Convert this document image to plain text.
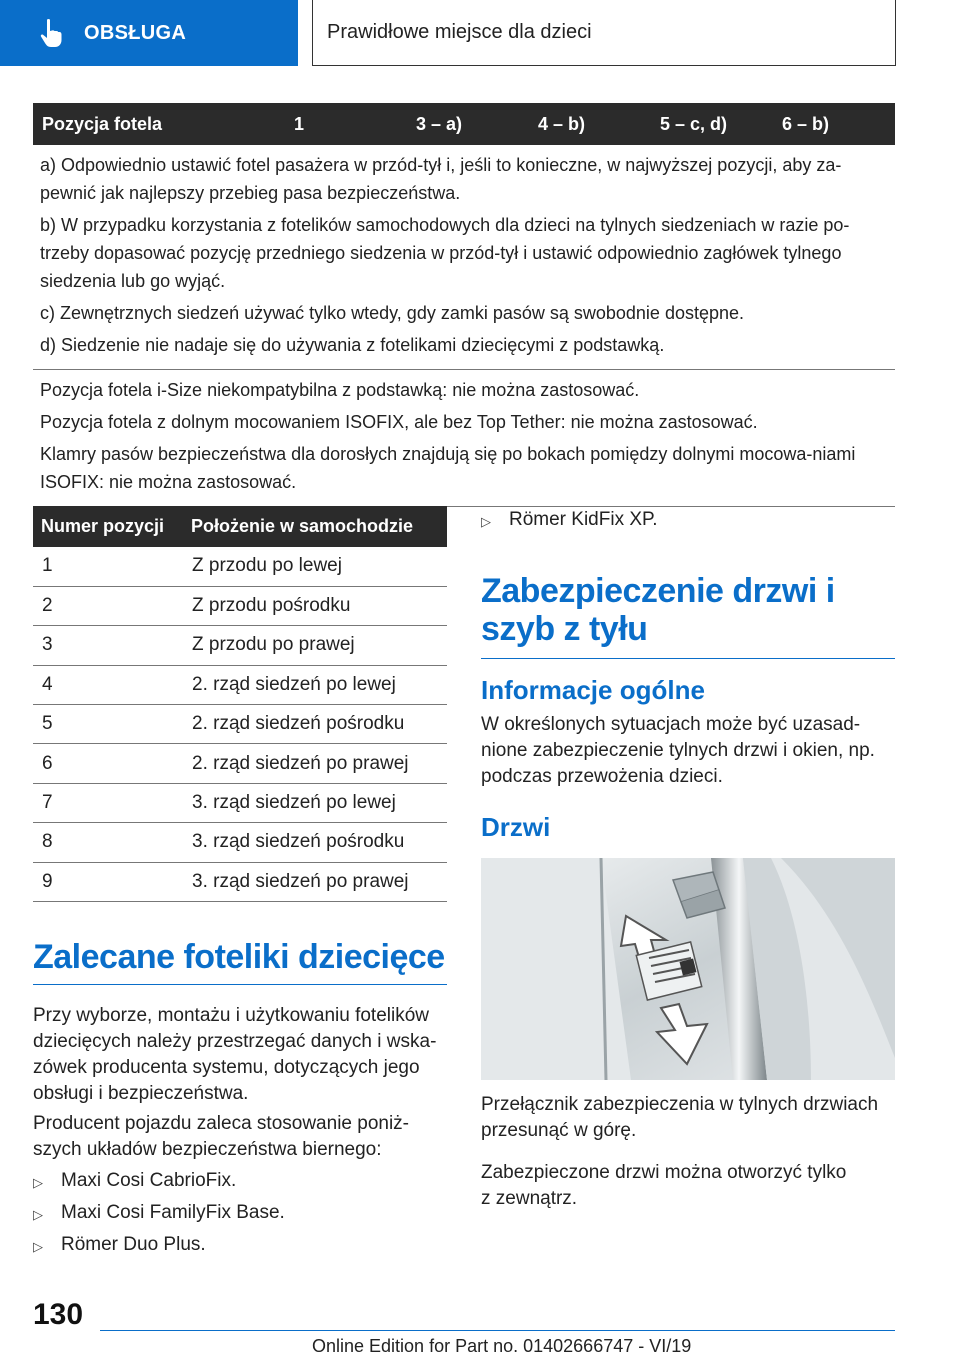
OBSŁUGA	Prawidłowe miejsce dla dzieci
Pozycja fotela	1	3 – a)	4 – b)	5 – c, d)	6 – b)

a) Odpowiednio ustawić fotel pasażera w przód-tył i, jeśli to konieczne, w najwyższej pozycji, aby za-pewnić jak najlepszy przebieg pasa bezpieczeństwa.

b) W przypadku korzystania z fotelików samochodowych dla dzieci na tylnych siedzeniach w razie po-trzeby dopasować pozycję przedniego siedzenia w przód-tył i ustawić odpowiednio zagłówek tylnego siedzenia lub go wyjąć.

c) Zewnętrznych siedzeń używać tylko wtedy, gdy zamki pasów są swobodnie dostępne.

d) Siedzenie nie nadaje się do używania z fotelikami dziecięcymi z podstawką.

Pozycja fotela i-Size niekompatybilna z podstawką: nie można zastosować.

Pozycja fotela z dolnym mocowaniem ISOFIX, ale bez Top Tether: nie można zastosować.

Klamry pasów bezpieczeństwa dla dorosłych znajdują się po bokach pomiędzy dolnymi mocowa-niami ISOFIX: nie można zastosować.

Numer pozycji	Położenie w samochodzie
1	Z przodu po lewej
2	Z przodu pośrodku
3	Z przodu po prawej
4	2. rząd siedzeń po lewej
5	2. rząd siedzeń pośrodku
6	2. rząd siedzeń po prawej
7	3. rząd siedzeń po lewej
8	3. rząd siedzeń pośrodku
9	3. rząd siedzeń po prawej
Zalecane foteliki dziecięce
Przy wyborze, montażu i użytkowaniu fotelików dziecięcych należy przestrzegać danych i wska-zówek producenta systemu, dotyczących jego obsługi i bezpieczeństwa.
Producent pojazdu zaleca stosowanie poniż-szych układów bezpieczeństwa biernego:
▷ Maxi Cosi CabrioFix.
▷ Maxi Cosi FamilyFix Base.
▷ Römer Duo Plus.
▷ Römer KidFix XP.
Zabezpieczenie drzwi i szyb z tyłu
Informacje ogólne
W określonych sytuacjach może być uzasad-nione zabezpieczenie tylnych drzwi i okien, np. podczas przewożenia dzieci.
Drzwi
Przełącznik zabezpieczenia w tylnych drzwiach przesunąć w górę.
Zabezpieczone drzwi można otworzyć tylko z zewnątrz.
130
Online Edition for Part no. 01402666747 - VI/19
